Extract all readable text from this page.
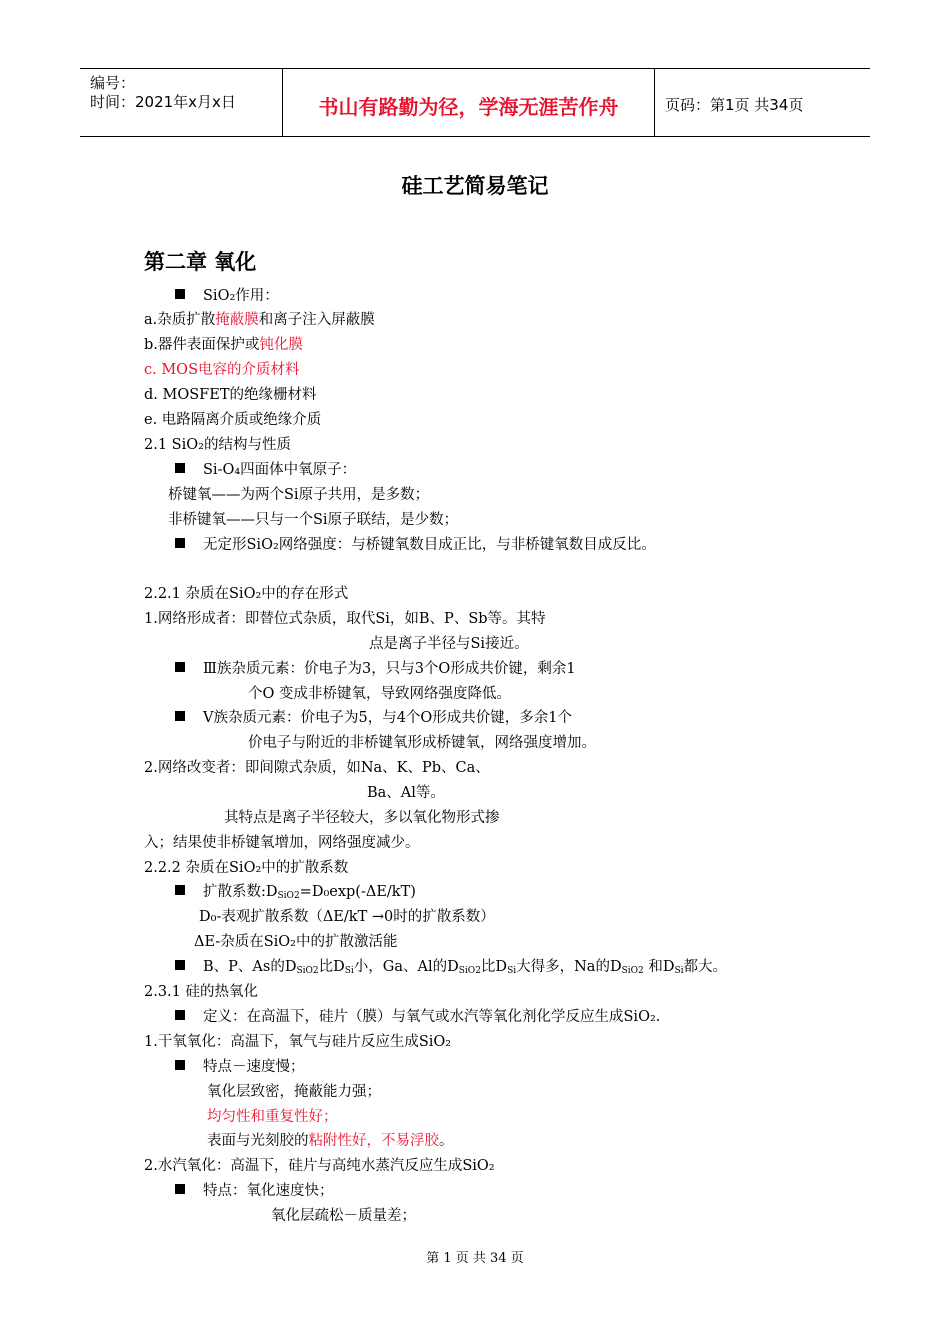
编号：
时间：2021年x月x日	书山有路勤为径，学海无涯苦作舟	页码：第1页 共34页
硅工艺简易笔记
第二章 氧化
SiO₂作用：
a.杂质扩散掩蔽膜和离子注入屏蔽膜
b.器件表面保护或钝化膜
c. MOS电容的介质材料
d. MOSFET的绝缘栅材料
e. 电路隔离介质或绝缘介质
2.1 SiO₂的结构与性质
Si-O₄四面体中氧原子：
桥键氧——为两个Si原子共用，是多数；
非桥键氧——只与一个Si原子联结，是少数；
无定形SiO₂网络强度：与桥键氧数目成正比，与非桥键氧数目成反比。
2.2.1 杂质在SiO₂中的存在形式
1.网络形成者：即替位式杂质，取代Si，如B、P、Sb等。其特
点是离子半径与Si接近。
Ⅲ族杂质元素：价电子为3，只与3个O形成共价键，剩余1
个O 变成非桥键氧，导致网络强度降低。
Ⅴ族杂质元素：价电子为5，与4个O形成共价键，多余1个
价电子与附近的非桥键氧形成桥键氧，网络强度增加。
2.网络改变者：即间隙式杂质，如Na、K、Pb、Ca、
Ba、Al等。
其特点是离子半径较大，多以氧化物形式掺
入；结果使非桥键氧增加，网络强度减少。
2.2.2 杂质在SiO₂中的扩散系数
扩散系数$:D_{SiO2}=D_0\exp(-\Delta E/kT)$
D₀-表观扩散系数（ΔE/kT →0时的扩散系数）
ΔE-杂质在SiO₂中的扩散激活能
B、P、As的$D_{SiO2}$比$D_{Si}$小，Ga、Al的$D_{SiO2}$比$D_{Si}$大得多，Na的$D_{SiO2}$ 和$D_{Si}$都大。
2.3.1 硅的热氧化
定义：在高温下，硅片（膜）与氧气或水汽等氧化剂化学反应生成SiO₂.
1.干氧氧化：高温下，氧气与硅片反应生成SiO₂
特点－速度慢；
氧化层致密，掩蔽能力强；
均匀性和重复性好；
表面与光刻胶的粘附性好，不易浮胶。
2.水汽氧化：高温下，硅片与高纯水蒸汽反应生成SiO₂
特点：氧化速度快；
氧化层疏松－质量差；
第 1 页 共 34 页
